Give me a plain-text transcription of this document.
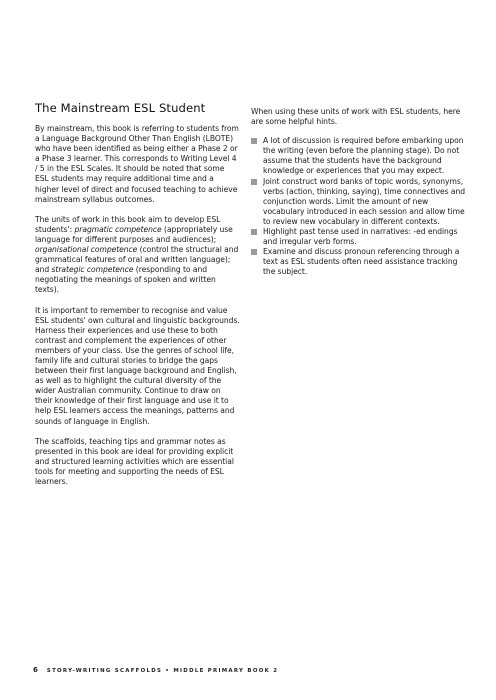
The Mainstream ESL Student

By mainstream, this book is referring to students from a Language Background Other Than English (LBOTE) who have been identified as being either a Phase 2 or a Phase 3 learner. This corresponds to Writing Level 4 / 5 in the ESL Scales. It should be noted that some ESL students may require additional time and a higher level of direct and focused teaching to achieve mainstream syllabus outcomes.

The units of work in this book aim to develop ESL students': pragmatic competence (appropriately use language for different purposes and audiences); organisational competence (control the structural and grammatical features of oral and written language); and strategic competence (responding to and negotiating the meanings of spoken and written texts).

It is important to remember to recognise and value ESL students' own cultural and linguistic backgrounds. Harness their experiences and use these to both contrast and complement the experiences of other members of your class. Use the genres of school life, family life and cultural stories to bridge the gaps between their first language background and English, as well as to highlight the cultural diversity of the wider Australian community. Continue to draw on their knowledge of their first language and use it to help ESL learners access the meanings, patterns and sounds of language in English.

The scaffolds, teaching tips and grammar notes as presented in this book are ideal for providing explicit and structured learning activities which are essential tools for meeting and supporting the needs of ESL learners.

When using these units of work with ESL students, here are some helpful hints.

A lot of discussion is required before embarking upon the writing (even before the planning stage). Do not assume that the students have the background knowledge or experiences that you may expect.
Joint construct word banks of topic words, synonyms, verbs (action, thinking, saying), time connectives and conjunction words. Limit the amount of new vocabulary introduced in each session and allow time to review new vocabulary in different contexts.
Highlight past tense used in narratives: -ed endings and irregular verb forms.
Examine and discuss pronoun referencing through a text as ESL students often need assistance tracking the subject.
6 STORY-WRITING SCAFFOLDS • MIDDLE PRIMARY BOOK 2
